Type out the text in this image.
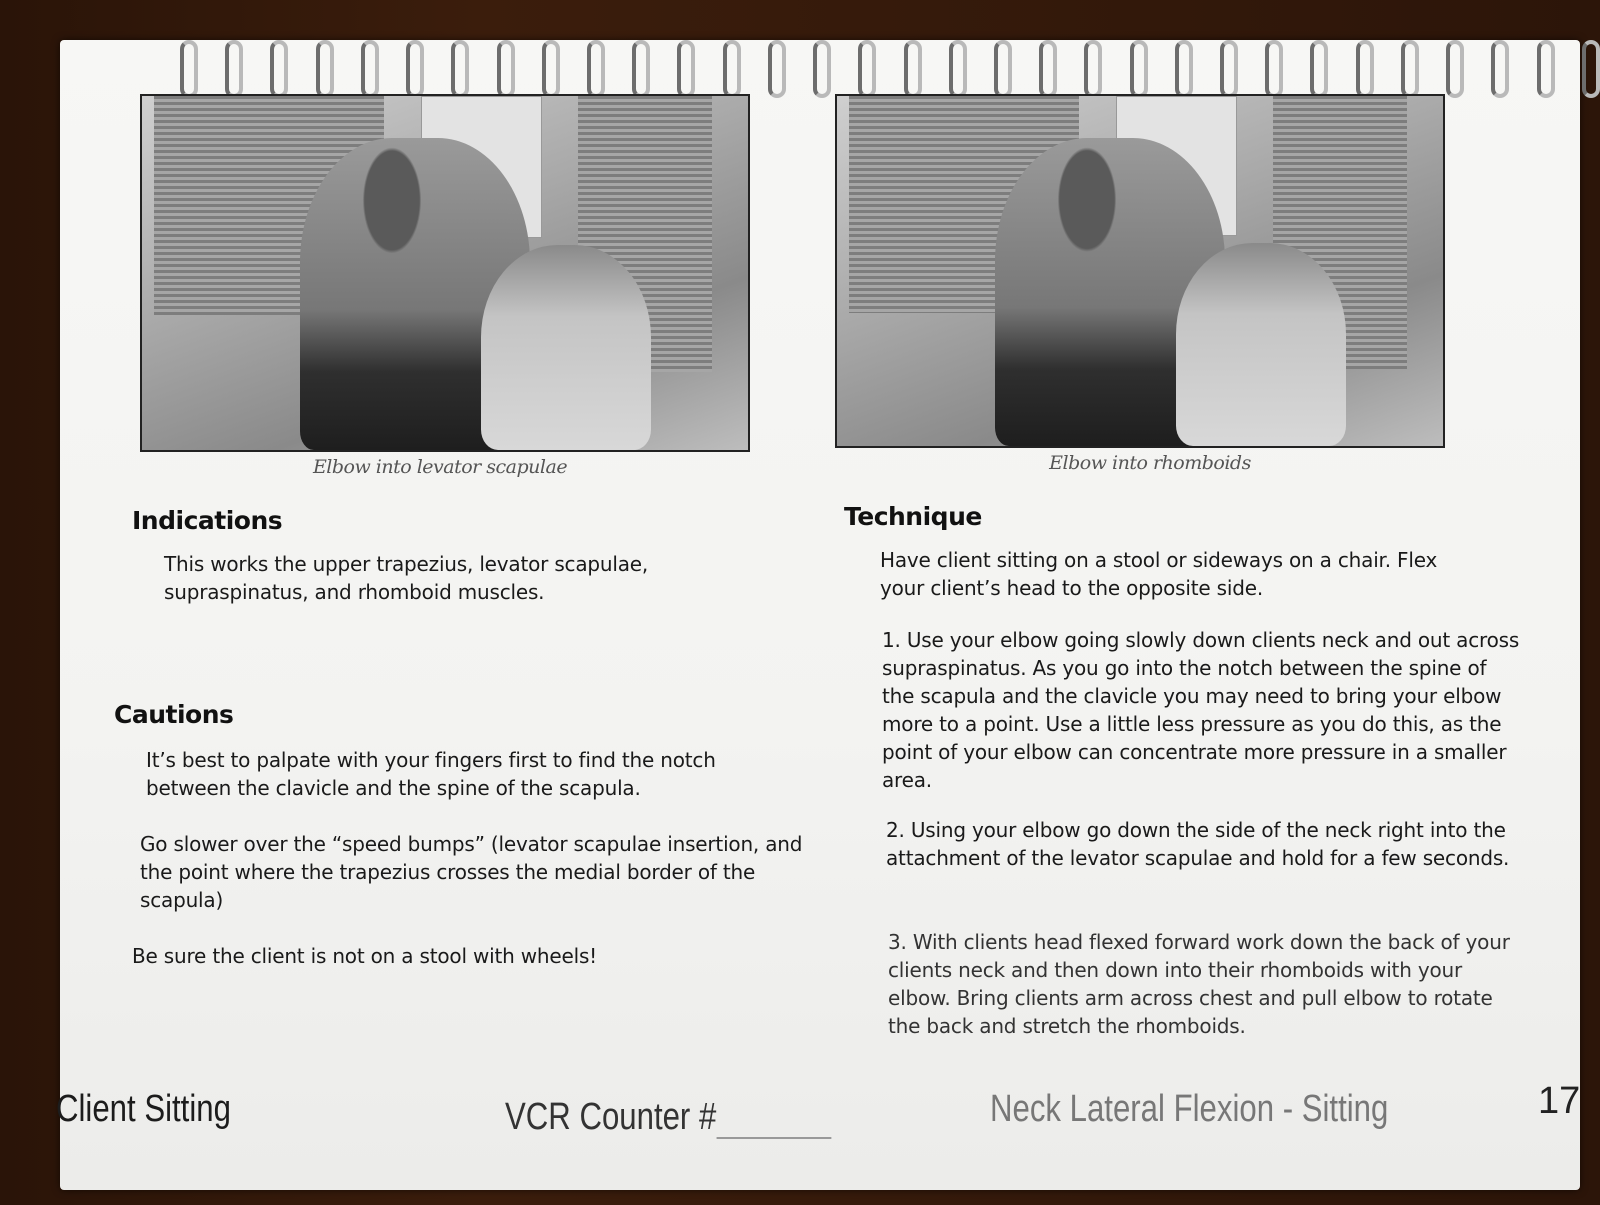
Elbow into levator scapulae	Elbow into rhomboids
Indications
This works the upper trapezius, levator scapulae, supraspinatus, and rhomboid muscles.
Cautions
It’s best to palpate with your fingers first to find the notch between the clavicle and the spine of the scapula.
Go slower over the “speed bumps” (levator scapulae insertion, and the point where the trapezius crosses the medial border of the scapula)
Be sure the client is not on a stool with wheels!
Technique
Have client sitting on a stool or sideways on a chair. Flex your client’s head to the opposite side.
1. Use your elbow going slowly down clients neck and out across supraspinatus. As you go into the notch between the spine of the scapula and the clavicle you may need to bring your elbow more to a point. Use a little less pressure as you do this, as the point of your elbow can concentrate more pressure in a smaller area.
2. Using your elbow go down the side of the neck right into the attachment of the levator scapulae and hold for a few seconds.
3. With clients head flexed forward work down the back of your clients neck and then down into their rhomboids with your elbow. Bring clients arm across chest and pull elbow to rotate the back and stretch the rhomboids.
Client Sitting	VCR Counter #	Neck Lateral Flexion - Sitting	17
